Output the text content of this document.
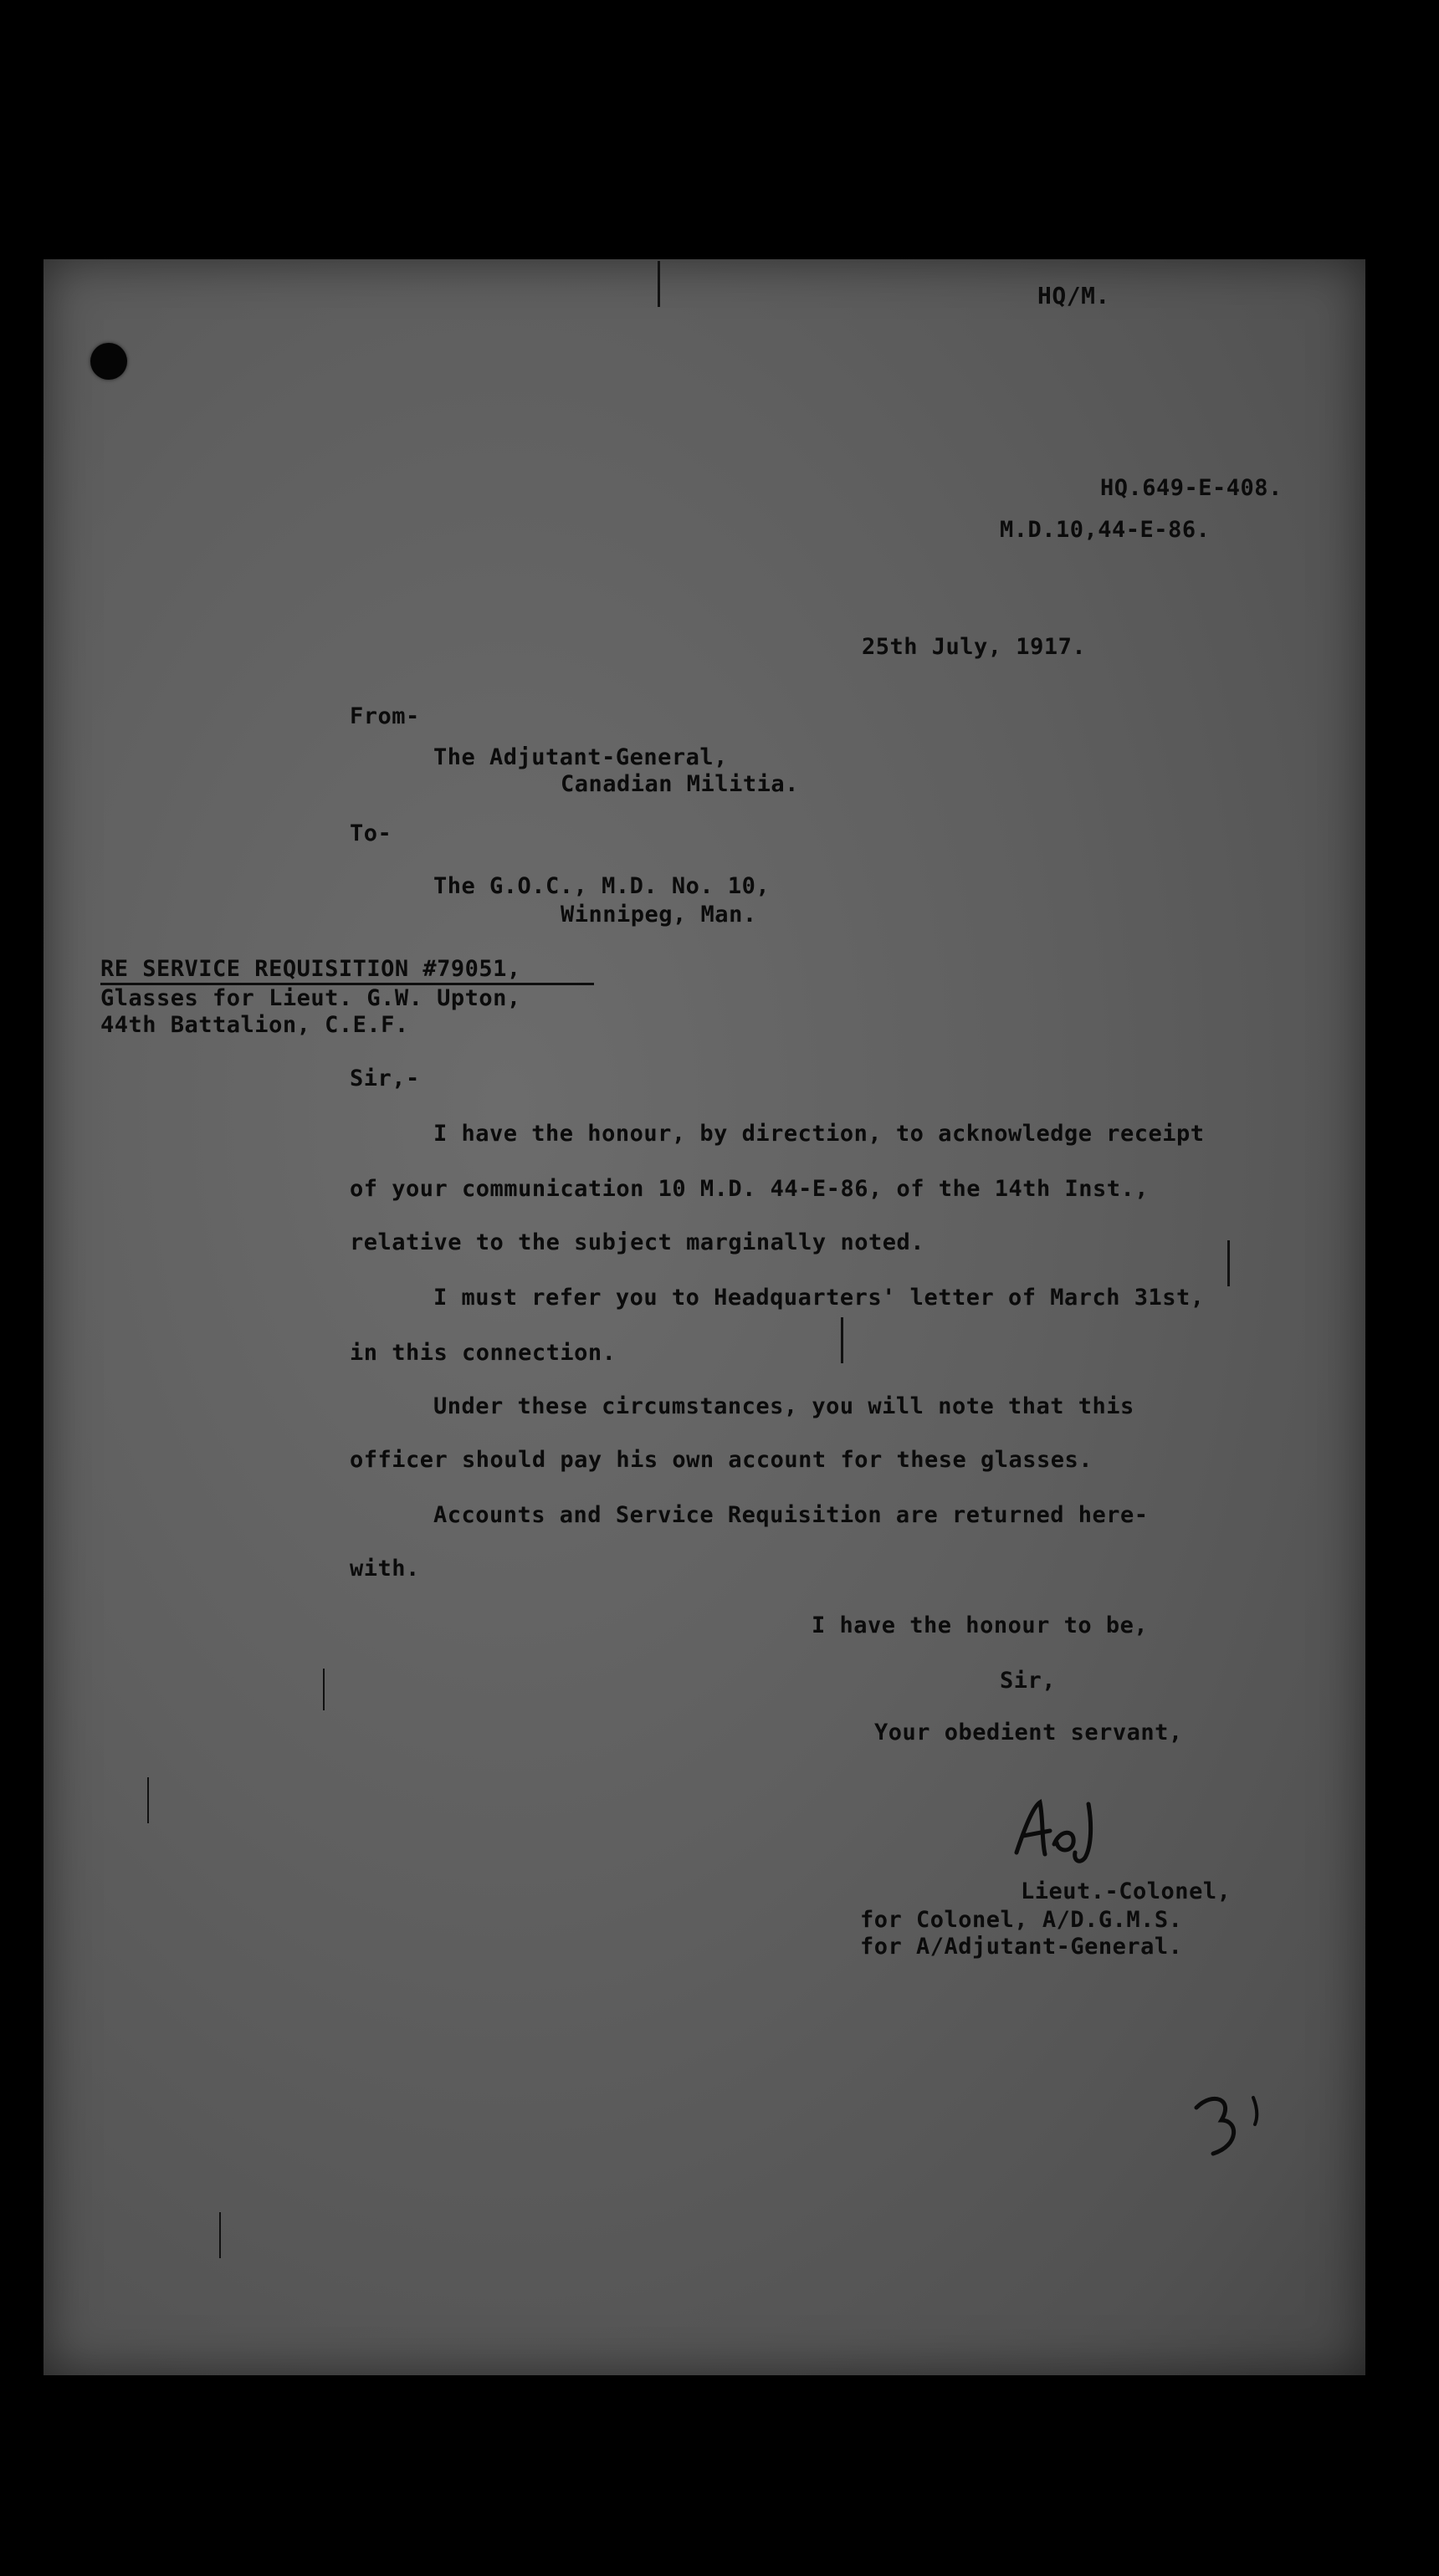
HQ/M.
HQ.649-E-408.
M.D.10,44-E-86.
25th July, 1917.
From-
The Adjutant-General,
Canadian Militia.
To-
The G.O.C., M.D. No. 10,
Winnipeg, Man.
RE SERVICE REQUISITION #79051,
Glasses for Lieut. G.W. Upton,
44th Battalion, C.E.F.
Sir,-
I have the honour, by direction, to acknowledge receipt
of your communication 10 M.D. 44-E-86, of the 14th Inst.,
relative to the subject marginally noted.
I must refer you to Headquarters' letter of March 31st,
in this connection.
Under these circumstances, you will note that this
officer should pay his own account for these glasses.
Accounts and Service Requisition are returned here-
with.
I have the honour to be,
Sir,
Your obedient servant,
Lieut.-Colonel,
for Colonel, A/D.G.M.S.
for A/Adjutant-General.
